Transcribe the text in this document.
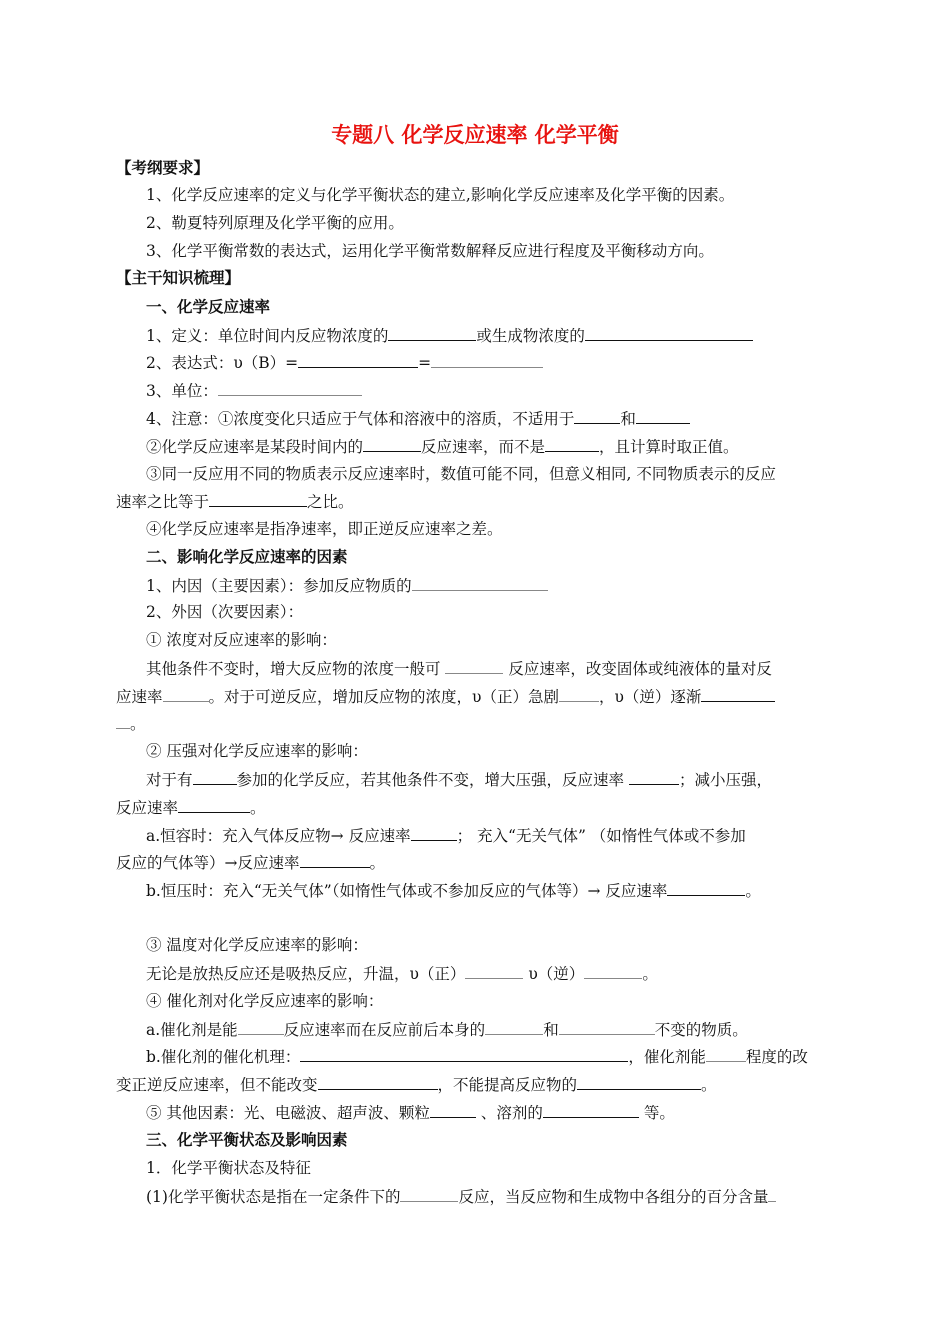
专题八 化学反应速率 化学平衡
【考纲要求】
1、化学反应速率的定义与化学平衡状态的建立,影响化学反应速率及化学平衡的因素。
2、勒夏特列原理及化学平衡的应用。
3、化学平衡常数的表达式，运用化学平衡常数解释反应进行程度及平衡移动方向。
【主干知识梳理】
一、化学反应速率
1、定义：单位时间内反应物浓度的	或生成物浓度的
2、表达式：υ（B）=	=
3、单位：
4、注意：①浓度变化只适应于气体和溶液中的溶质，不适用于	和
②化学反应速率是某段时间内的	反应速率，而不是	，且计算时取正值。
③同一反应用不同的物质表示反应速率时，数值可能不同，但意义相同, 不同物质表示的反应
速率之比等于	之比。
④化学反应速率是指净速率，即正逆反应速率之差。
二、影响化学反应速率的因素
1、内因（主要因素）：参加反应物质的
2、外因（次要因素）：
① 浓度对反应速率的影响：
其他条件不变时，增大反应物的浓度一般可	反应速率，改变固体或纯液体的量对反
应速率	。对于可逆反应，增加反应物的浓度，υ（正）急剧	，υ（逆）逐渐
。
② 压强对化学反应速率的影响：
对于有	参加的化学反应，若其他条件不变，增大压强，反应速率	；减小压强，
反应速率	。
a.恒容时：充入气体反应物→ 反应速率	； 充入“无关气体” （如惰性气体或不参加
反应的气体等）→反应速率	。
b.恒压时：充入“无关气体”（如惰性气体或不参加反应的气体等）→ 反应速率	。
③ 温度对化学反应速率的影响：
无论是放热反应还是吸热反应，升温，υ（正）	υ（逆）	。
④ 催化剂对化学反应速率的影响：
a.催化剂是能	反应速率而在反应前后本身的	和	不变的物质。
b.催化剂的催化机理：	，催化剂能	程度的改
变正逆反应速率，但不能改变	，不能提高反应物的	。
⑤ 其他因素：光、电磁波、超声波、颗粒	、溶剂的	等。
三、化学平衡状态及影响因素
1．化学平衡状态及特征
(1)化学平衡状态是指在一定条件下的	反应，当反应物和生成物中各组分的百分含量
